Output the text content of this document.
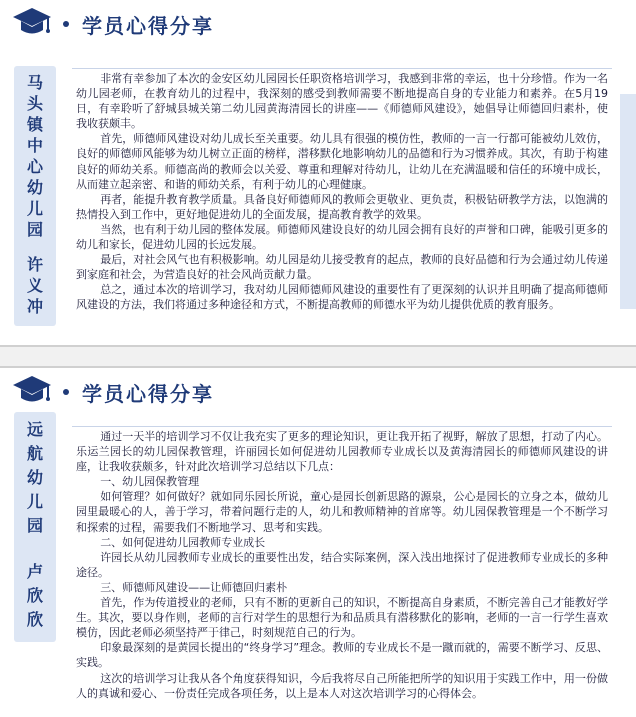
学员心得分享
马
头
镇
中
心
幼
儿
园
许
义
冲

非常有幸参加了本次的金安区幼儿园园长任职资格培训学习，我感到非常的幸运，也十分珍惜。作为一名幼儿园老师，在教育幼儿的过程中，我深刻的感受到教师需要不断地提高自身的专业能力和素养。在5月19日，有幸聆听了舒城县城关第二幼儿园黄海清园长的讲座——《师德师风建设》，她倡导让师德回归素朴，使我收获颇丰。

首先，师德师风建设对幼儿成长至关重要。幼儿具有很强的模仿性，教师的一言一行都可能被幼儿效仿，良好的师德师风能够为幼儿树立正面的榜样，潜移默化地影响幼儿的品德和行为习惯养成。其次，有助于构建良好的师幼关系。师德高尚的教师会以关爱、尊重和理解对待幼儿，让幼儿在充满温暖和信任的环境中成长，从而建立起亲密、和谐的师幼关系，有利于幼儿的心理健康。

再者，能提升教育教学质量。具备良好师德师风的教师会更敬业、更负责，积极钻研教学方法，以饱满的热情投入到工作中，更好地促进幼儿的全面发展，提高教育教学的效果。

当然，也有利于幼儿园的整体发展。师德师风建设良好的幼儿园会拥有良好的声誉和口碑，能吸引更多的幼儿和家长，促进幼儿园的长远发展。

最后，对社会风气也有积极影响。幼儿园是幼儿接受教育的起点，教师的良好品德和行为会通过幼儿传递到家庭和社会，为营造良好的社会风尚贡献力量。

总之，通过本次的培训学习，我对幼儿园师德师风建设的重要性有了更深刻的认识并且明确了提高师德师风建设的方法，我们将通过多种途径和方式，不断提高教师的师德水平为幼儿提供优质的教育服务。

学员心得分享
远
航
幼
儿
园
卢
欣
欣

通过一天半的培训学习不仅让我充实了更多的理论知识，更让我开拓了视野，解放了思想，打动了内心。乐运兰园长的幼儿园保教管理，许丽园长如何促进幼儿园教师专业成长以及黄海清园长的师德师风建设的讲座，让我收获颇多，针对此次培训学习总结以下几点：

一、幼儿园保教管理

如何管理？如何做好？就如同乐园长所说，童心是园长创新思路的源泉，公心是园长的立身之本，做幼儿园里最暖心的人，善于学习，带着问题行走的人，幼儿和教师精神的首席等。幼儿园保教管理是一个不断学习和探索的过程，需要我们不断地学习、思考和实践。

二、如何促进幼儿园教师专业成长

许园长从幼儿园教师专业成长的重要性出发，结合实际案例，深入浅出地探讨了促进教师专业成长的多种途径。

三、师德师风建设——让师德回归素朴

首先，作为传道授业的老师，只有不断的更新自己的知识，不断提高自身素质，不断完善自己才能教好学生。其次，要以身作则，老师的言行对学生的思想行为和品质具有潜移默化的影响，老师的一言一行学生喜欢模仿，因此老师必须坚持严于律己，时刻规范自己的行为。

印象最深刻的是黄园长提出的“终身学习”理念。教师的专业成长不是一蹴而就的，需要不断学习、反思、实践。

这次的培训学习让我从各个角度获得知识，今后我将尽自己所能把所学的知识用于实践工作中，用一份做人的真诚和爱心、一份责任完成各项任务，以上是本人对这次培训学习的心得体会。
